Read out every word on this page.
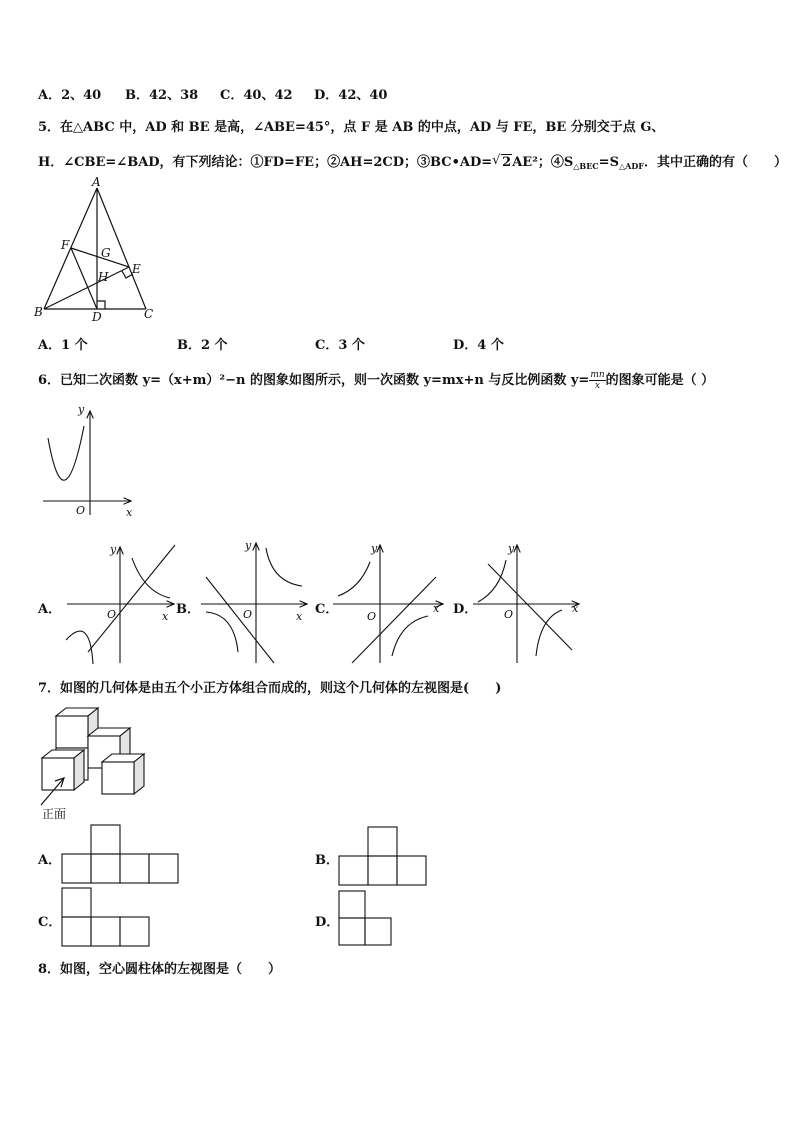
A．2、40 B．42、38 C．40、42 D．42、40
5．在△ABC 中，AD 和 BE 是高，∠ABE=45°，点 F 是 AB 的中点，AD 与 FE，BE 分别交于点 G、
H．∠CBE=∠BAD，有下列结论：①FD=FE；②AH=2CD；③BC•AD=√ 2AE²；$④S_{\triangle BEC}=S_{\triangle ADF}$．其中正确的有（　　）
A
B	C
D
E
F
G
H
A．1 个	B．2 个	C．3 个	D．4 个
6．已知二次函数 y=（x+m）²−n 的图象如图所示，则一次函数 y=mx+n 与反比例函数 $y= \frac{mn}{x}$ 的图象可能是（ ）
O	x
y
A．	O	x
y
B．	O	x
y
C．	O
x
y
D． O	x
y
7．如图的几何体是由五个小正方体组合而成的，则这个几何体的左视图是(　　)
正面
A．	B．
C．	D．
8．如图，空心圆柱体的左视图是（　　）
